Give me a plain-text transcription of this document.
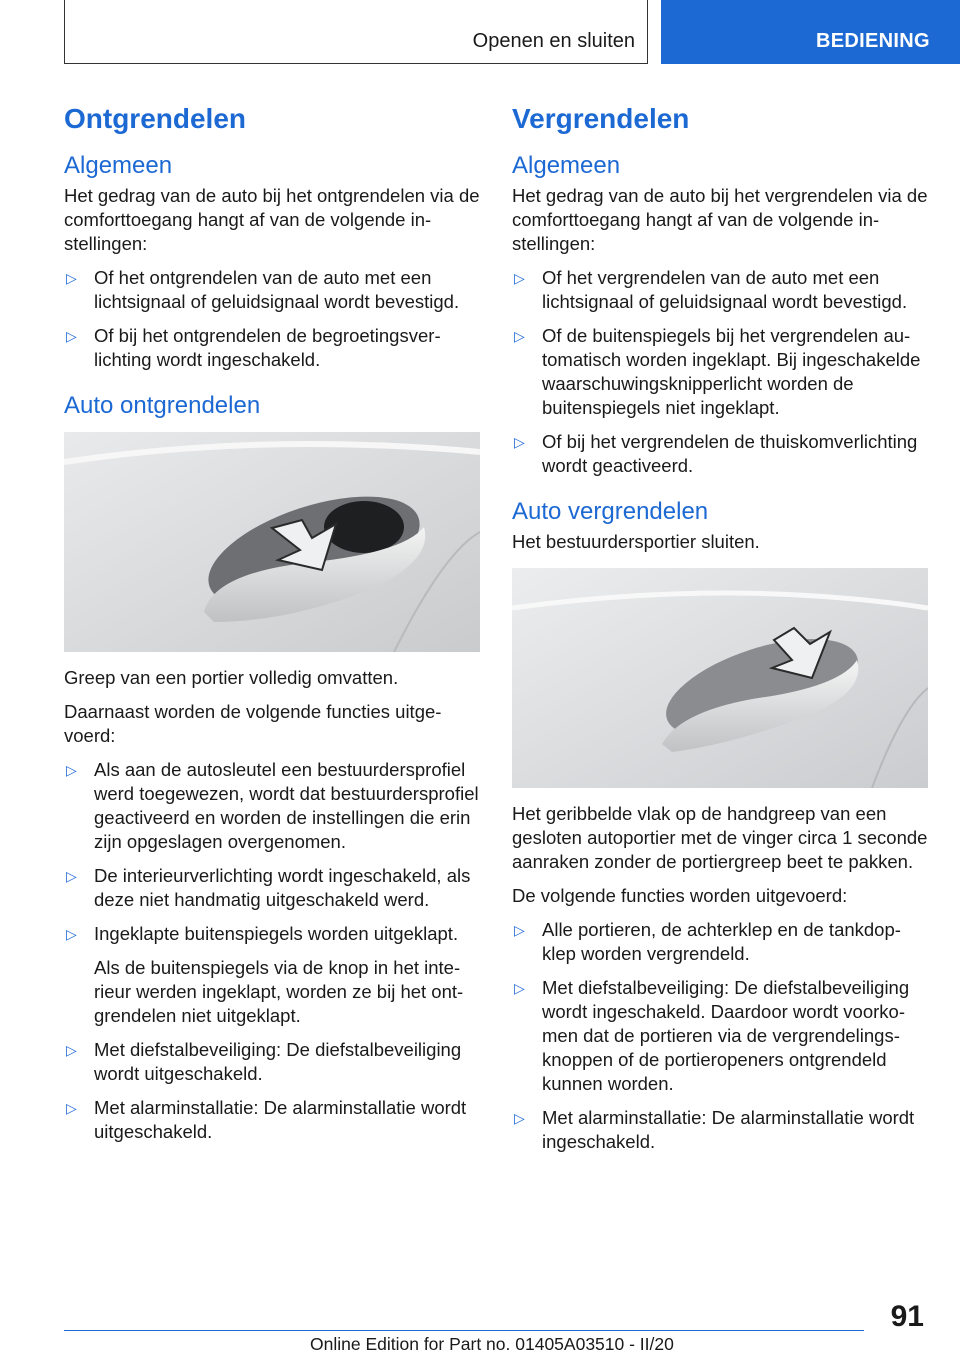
Openen en sluiten	BEDIENING
Ontgrendelen
Algemeen

Het gedrag van de auto bij het ontgrendelen via de comforttoegang hangt af van de volgende instellingen:

▷ Of het ontgrendelen van de auto met een lichtsignaal of geluidsignaal wordt bevestigd.
▷ Of bij het ontgrendelen de begroetingsverlichting wordt ingeschakeld.
Auto ontgrendelen

Greep van een portier volledig omvatten.

Daarnaast worden de volgende functies uitgevoerd:

▷ Als aan de autosleutel een bestuurdersprofiel werd toegewezen, wordt dat bestuurdersprofiel geactiveerd en worden de instellingen die erin zijn opgeslagen overgenomen.
▷ De interieurverlichting wordt ingeschakeld, als deze niet handmatig uitgeschakeld werd.
▷ Ingeklapte buitenspiegels worden uitgeklapt.
Als de buitenspiegels via de knop in het interieur werden ingeklapt, worden ze bij het ontgrendelen niet uitgeklapt.
▷ Met diefstalbeveiliging: De diefstalbeveiliging wordt uitgeschakeld.
▷ Met alarminstallatie: De alarminstallatie wordt uitgeschakeld.
Vergrendelen
Algemeen

Het gedrag van de auto bij het vergrendelen via de comforttoegang hangt af van de volgende instellingen:

▷ Of het vergrendelen van de auto met een lichtsignaal of geluidsignaal wordt bevestigd.
▷ Of de buitenspiegels bij het vergrendelen automatisch worden ingeklapt. Bij ingeschakelde waarschuwingsknipperlicht worden de buitenspiegels niet ingeklapt.
▷ Of bij het vergrendelen de thuiskomverlichting wordt geactiveerd.
Auto vergrendelen

Het bestuurdersportier sluiten.

Het geribbelde vlak op de handgreep van een gesloten autoportier met de vinger circa 1 seconde aanraken zonder de portiergreep beet te pakken.

De volgende functies worden uitgevoerd:

▷ Alle portieren, de achterklep en de tankdopklep worden vergrendeld.
▷ Met diefstalbeveiliging: De diefstalbeveiliging wordt ingeschakeld. Daardoor wordt voorkomen dat de portieren via de vergrendelingsknoppen of de portieropeners ontgrendeld kunnen worden.
▷ Met alarminstallatie: De alarminstallatie wordt ingeschakeld.
91
Online Edition for Part no. 01405A03510 - II/20
